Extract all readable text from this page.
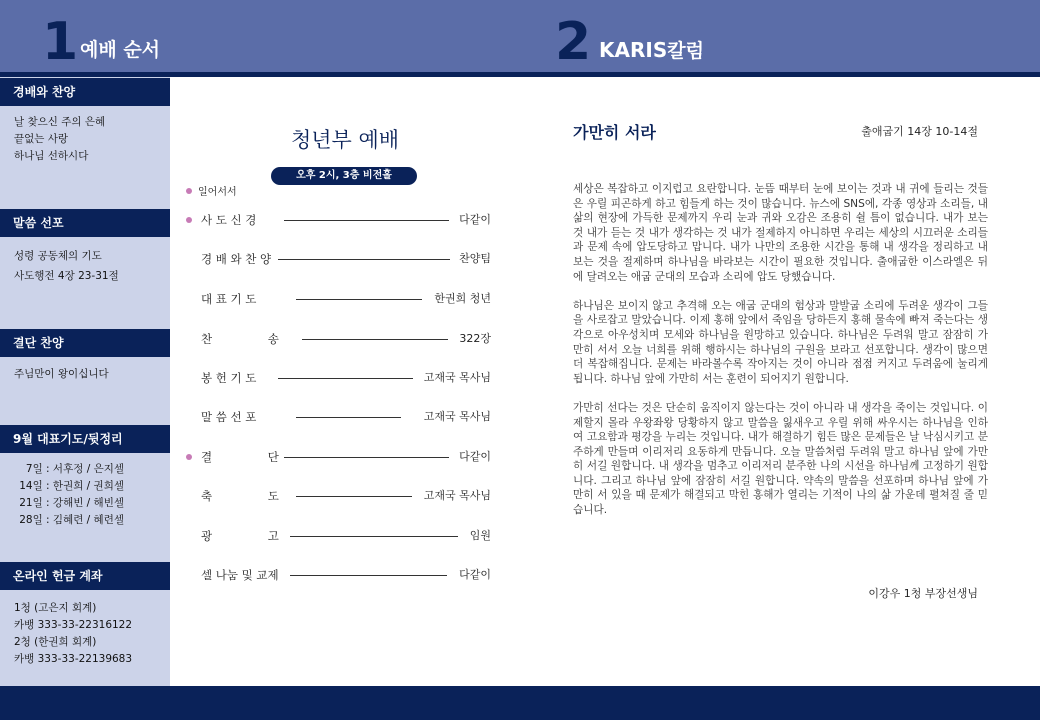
1 예배 순서	2 KARIS칼럼
경배와 찬양
날 찾으신 주의 은혜
끝없는 사랑
하나님 선하시다
말씀 선포
성령 공동체의 기도
사도행전 4장 23-31절
결단 찬양
주님만이 왕이십니다
9월 대표기도/뒷정리
7일 : 서후정 / 은지셀
14일 : 한권희 / 권희셀
21일 : 강해빈 / 해빈셀
28일 : 김혜련 / 혜련셀
온라인 헌금 계좌
1청 (고은지 회계)
카뱅 333-33-22316122
2청 (한권희 회계)
카뱅 333-33-22139683
청년부 예배
오후 2시, 3층 비전홀
일어서서
사 도 신 경	다같이
경 배 와 찬 양	찬양팀
대 표 기 도	한권희 청년
찬 송	322장
봉 헌 기 도	고재국 목사님
말 씀 선 포	고재국 목사님
결 단	다같이
축 도	고재국 목사님
광 고	임원
셀 나눔 및 교제	다같이
가만히 서라	출애굽기 14장 10-14절

세상은 복잡하고 이지럽고 요란합니다. 눈뜸 때부터 눈에 보이는 것과 내 귀에 들리는 것들은 우릴 피곤하게 하고 힘들게 하는 것이 많습니다. 뉴스에 SNS에, 각종 영상과 소리들, 내 삶의 현장에 가득한 문제까지 우리 눈과 귀와 오감은 조용히 쉴 틈이 없습니다. 내가 보는 것 내가 듣는 것 내가 생각하는 것 내가 절제하지 아니하면 우리는 세상의 시끄러운 소리들과 문제 속에 압도당하고 맙니다. 내가 나만의 조용한 시간을 통해 내 생각을 정리하고 내 보는 것을 절제하며 하나님을 바라보는 시간이 필요한 것입니다. 출애굽한 이스라엘은 뒤에 달려오는 애굽 군대의 모습과 소리에 압도 당했습니다.

하나님은 보이지 않고 추격해 오는 애굽 군대의 험상과 말발굽 소리에 두려운 생각이 그들을 사로잡고 말았습니다. 이제 홍해 앞에서 죽임을 당하든지 홍해 물속에 빠져 죽는다는 생각으로 아우성치며 모세와 하나님을 원망하고 있습니다. 하나님은 두려워 말고 잠잠히 가만히 서서 오늘 너희를 위해 행하시는 하나님의 구원을 보라고 선포합니다. 생각이 많으면 더 복잡해집니다. 문제는 바라볼수록 작아지는 것이 아니라 점점 커지고 두려움에 눌리게 됩니다. 하나님 앞에 가만히 서는 훈련이 되어지기 원합니다.

가만히 선다는 것은 단순히 움직이지 않는다는 것이 아니라 내 생각을 죽이는 것입니다. 이제할지 몰라 우왕좌왕 당황하지 않고 말씀을 잃새우고 우릴 위해 싸우시는 하나님을 인하여 고요함과 평강을 누리는 것입니다. 내가 해결하기 힘든 많은 문제들은 날 낙심시키고 분주하게 만들며 이리저리 요동하게 만듭니다. 오늘 말씀처럼 두려워 말고 하나님 앞에 가만히 서길 원합니다. 내 생각을 멈추고 이리저리 분주한 나의 시선을 하나님께 고정하기 원합니다. 그리고 하나님 앞에 잠잠히 서길 원합니다. 약속의 말씀을 선포하며 하나님 앞에 가만히 서 있을 때 문제가 해결되고 막힌 홍해가 열리는 기적이 나의 삶 가운데 펼쳐질 줄 믿습니다.

이강우 1청 부장선생님
